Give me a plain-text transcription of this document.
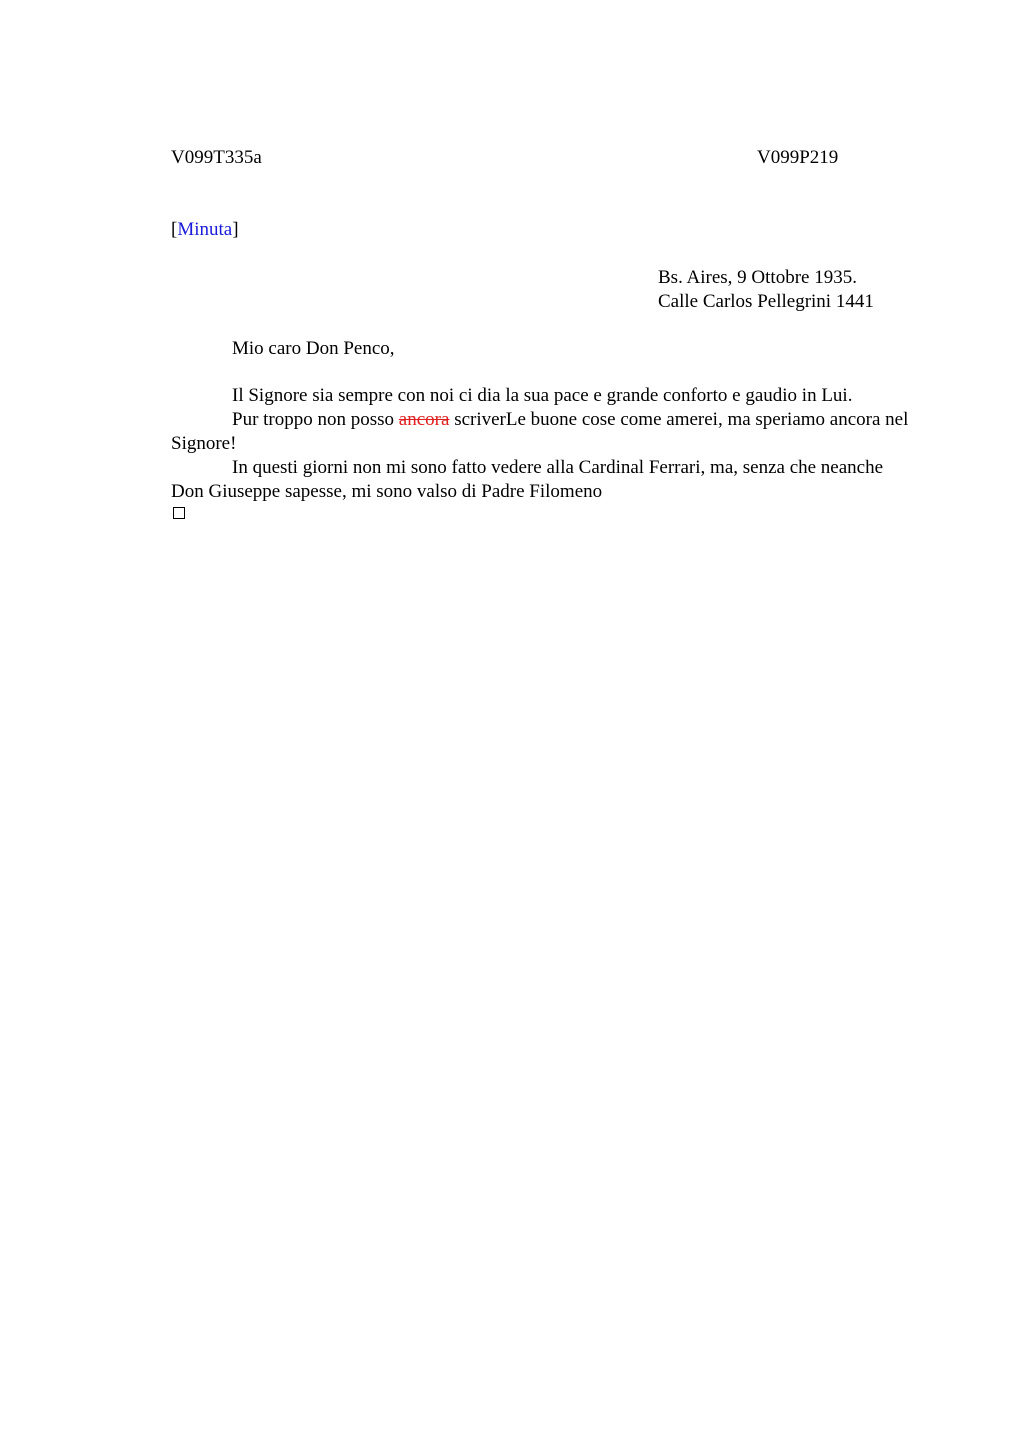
V099T335a	V099P219
[Minuta]
Bs. Aires, 9 Ottobre 1935.
Calle Carlos Pellegrini 1441
Mio caro Don Penco,

Il Signore sia sempre con noi ci dia la sua pace e grande conforto e gaudio in Lui.

Pur troppo non posso ancora scriverLe buone cose come amerei, ma speriamo ancora nel Signore!

In questi giorni non mi sono fatto vedere alla Cardinal Ferrari, ma, senza che neanche Don Giuseppe sapesse, mi sono valso di Padre Filomeno
